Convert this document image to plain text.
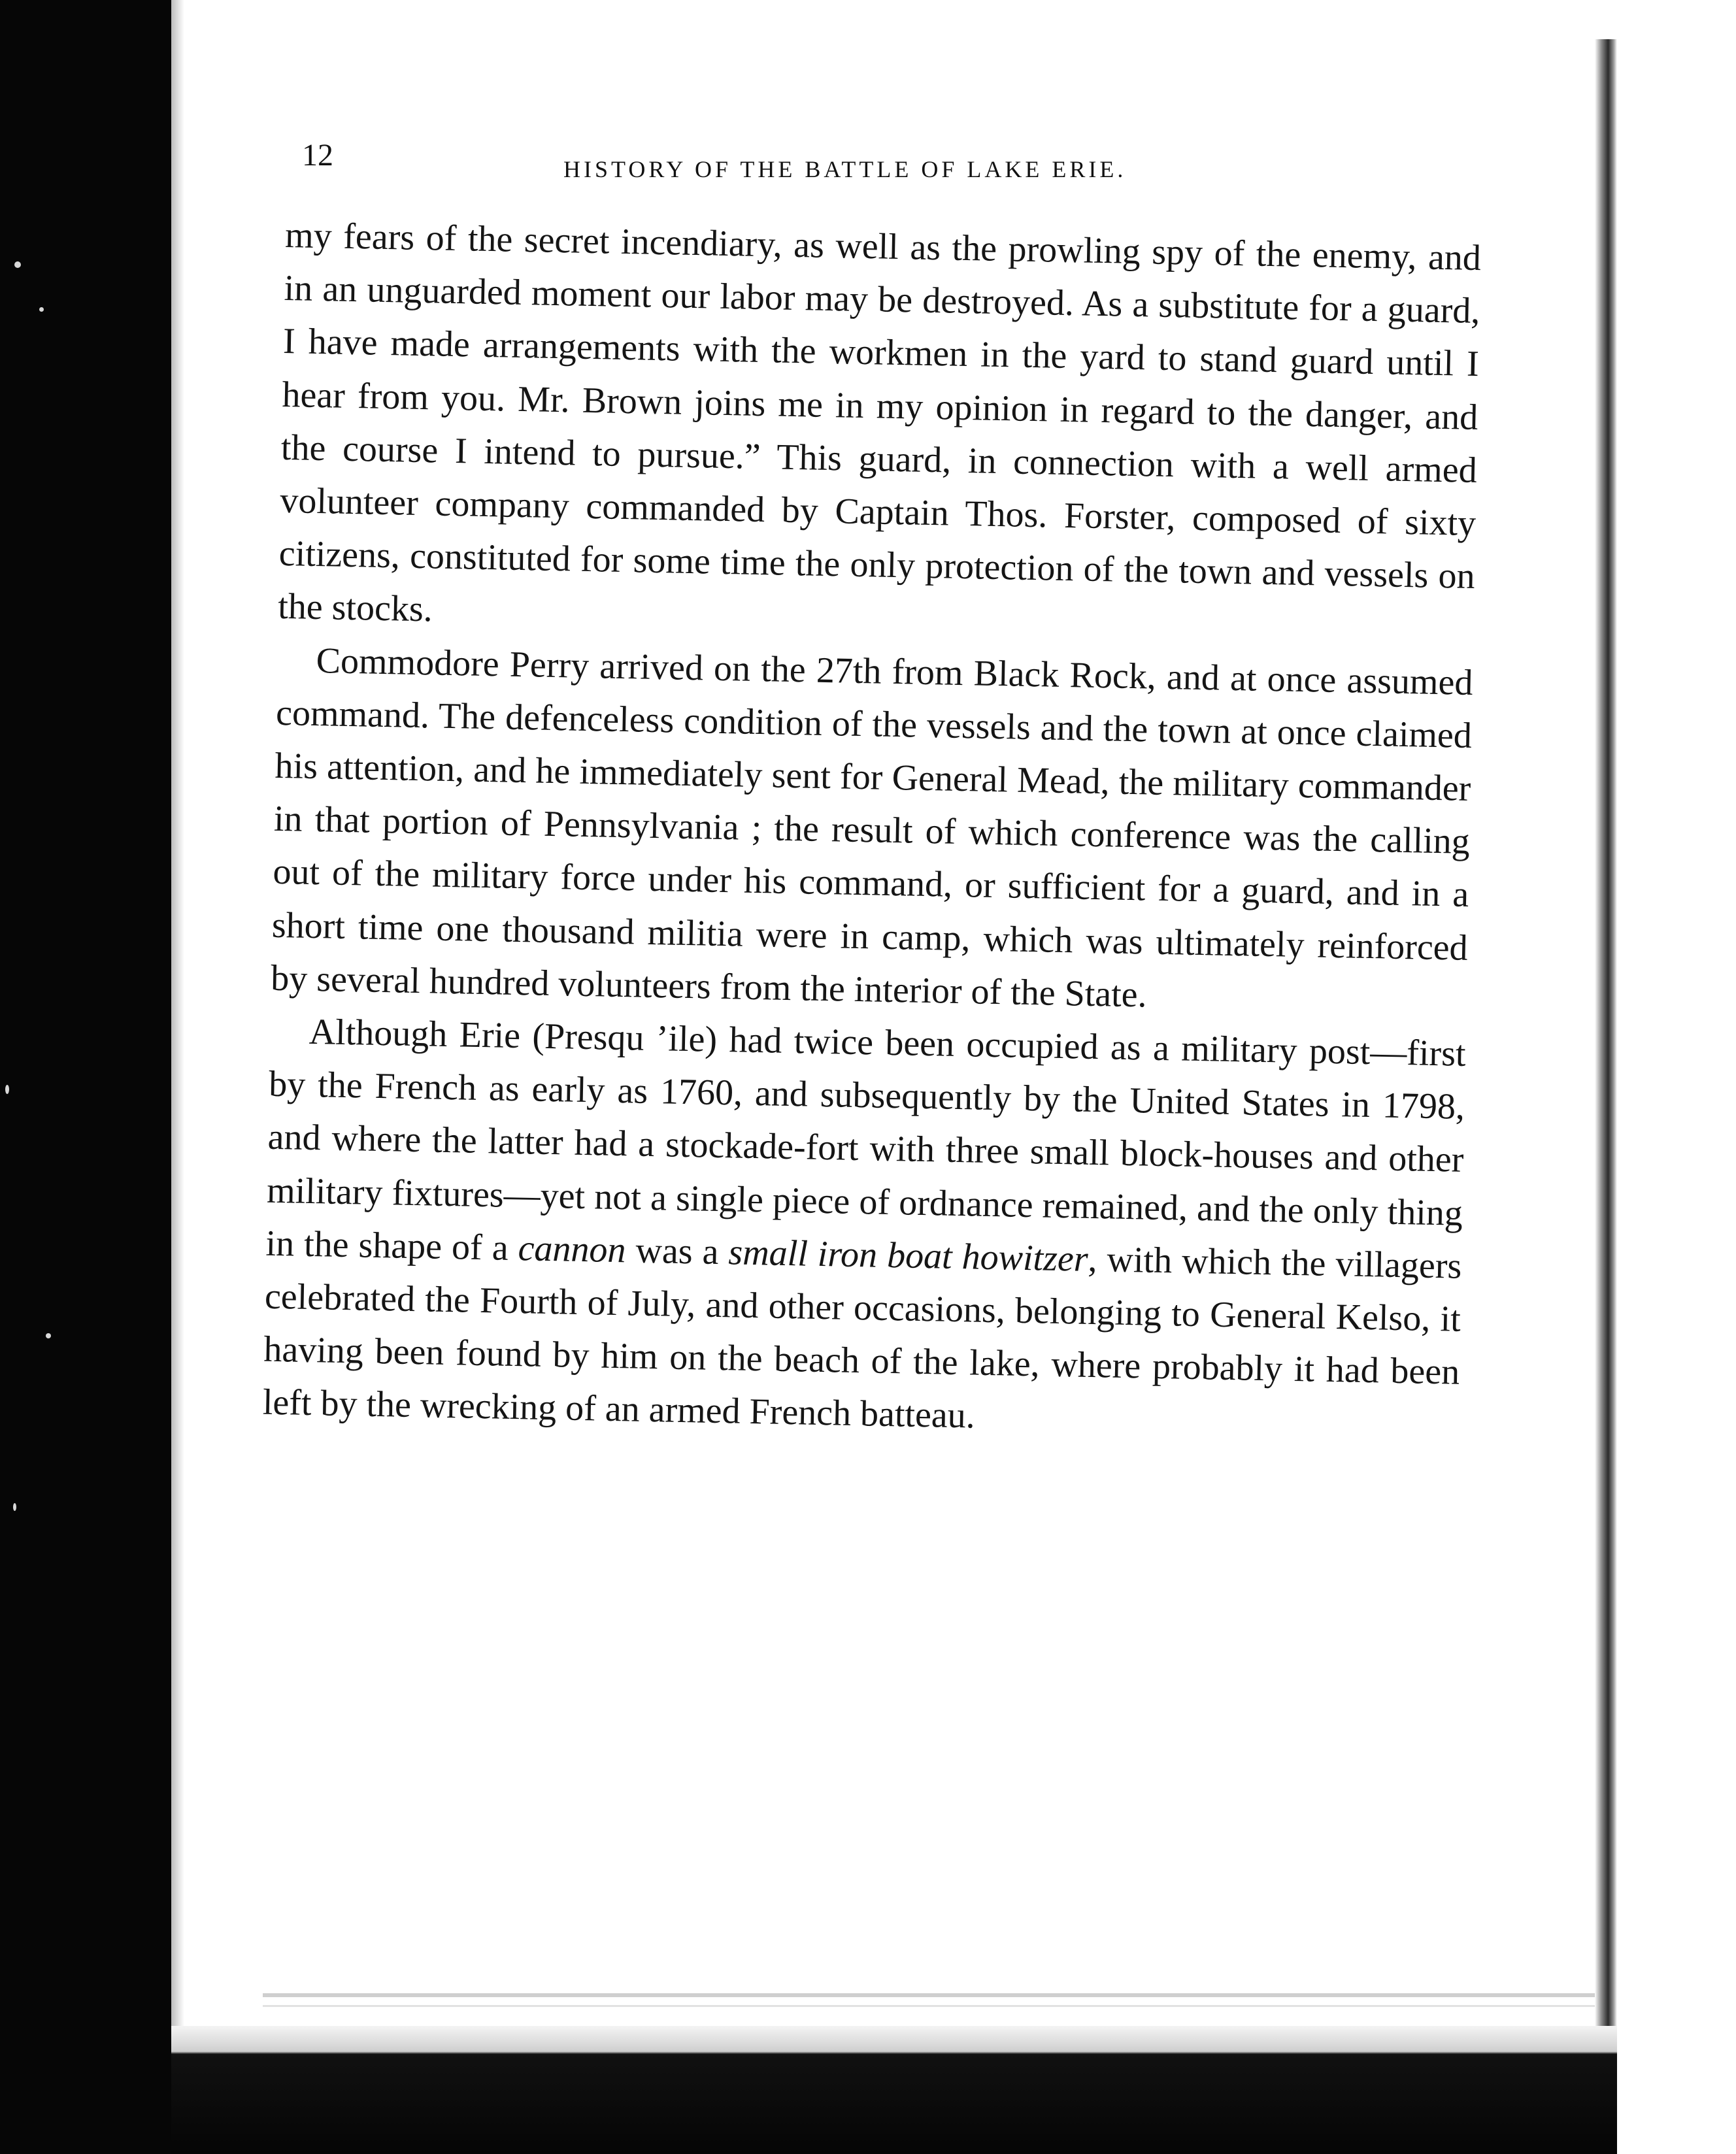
12	HISTORY OF THE BATTLE OF LAKE ERIE.

my fears of the secret incendiary, as well as the prowling spy of the enemy, and in an unguarded moment our labor may be destroyed. As a substitute for a guard, I have made arrangements with the workmen in the yard to stand guard until I hear from you. Mr. Brown joins me in my opinion in regard to the danger, and the course I intend to pursue.” This guard, in connection with a well armed volunteer company commanded by Captain Thos. Forster, composed of sixty citizens, constituted for some time the only protection of the town and vessels on the stocks.

Commodore Perry arrived on the 27th from Black Rock, and at once assumed command. The defenceless condition of the vessels and the town at once claimed his attention, and he immediately sent for General Mead, the military commander in that portion of Pennsylvania ; the result of which conference was the calling out of the military force under his command, or sufficient for a guard, and in a short time one thousand militia were in camp, which was ultimately reinforced by several hundred volunteers from the interior of the State.

Although Erie (Presqu ’ile) had twice been occupied as a military post—first by the French as early as 1760, and subsequently by the United States in 1798, and where the latter had a stockade-fort with three small block-houses and other military fixtures—yet not a single piece of ordnance remained, and the only thing in the shape of a cannon was a small iron boat howitzer, with which the villagers celebrated the Fourth of July, and other occasions, belonging to General Kelso, it having been found by him on the beach of the lake, where probably it had been left by the wrecking of an armed French batteau.
